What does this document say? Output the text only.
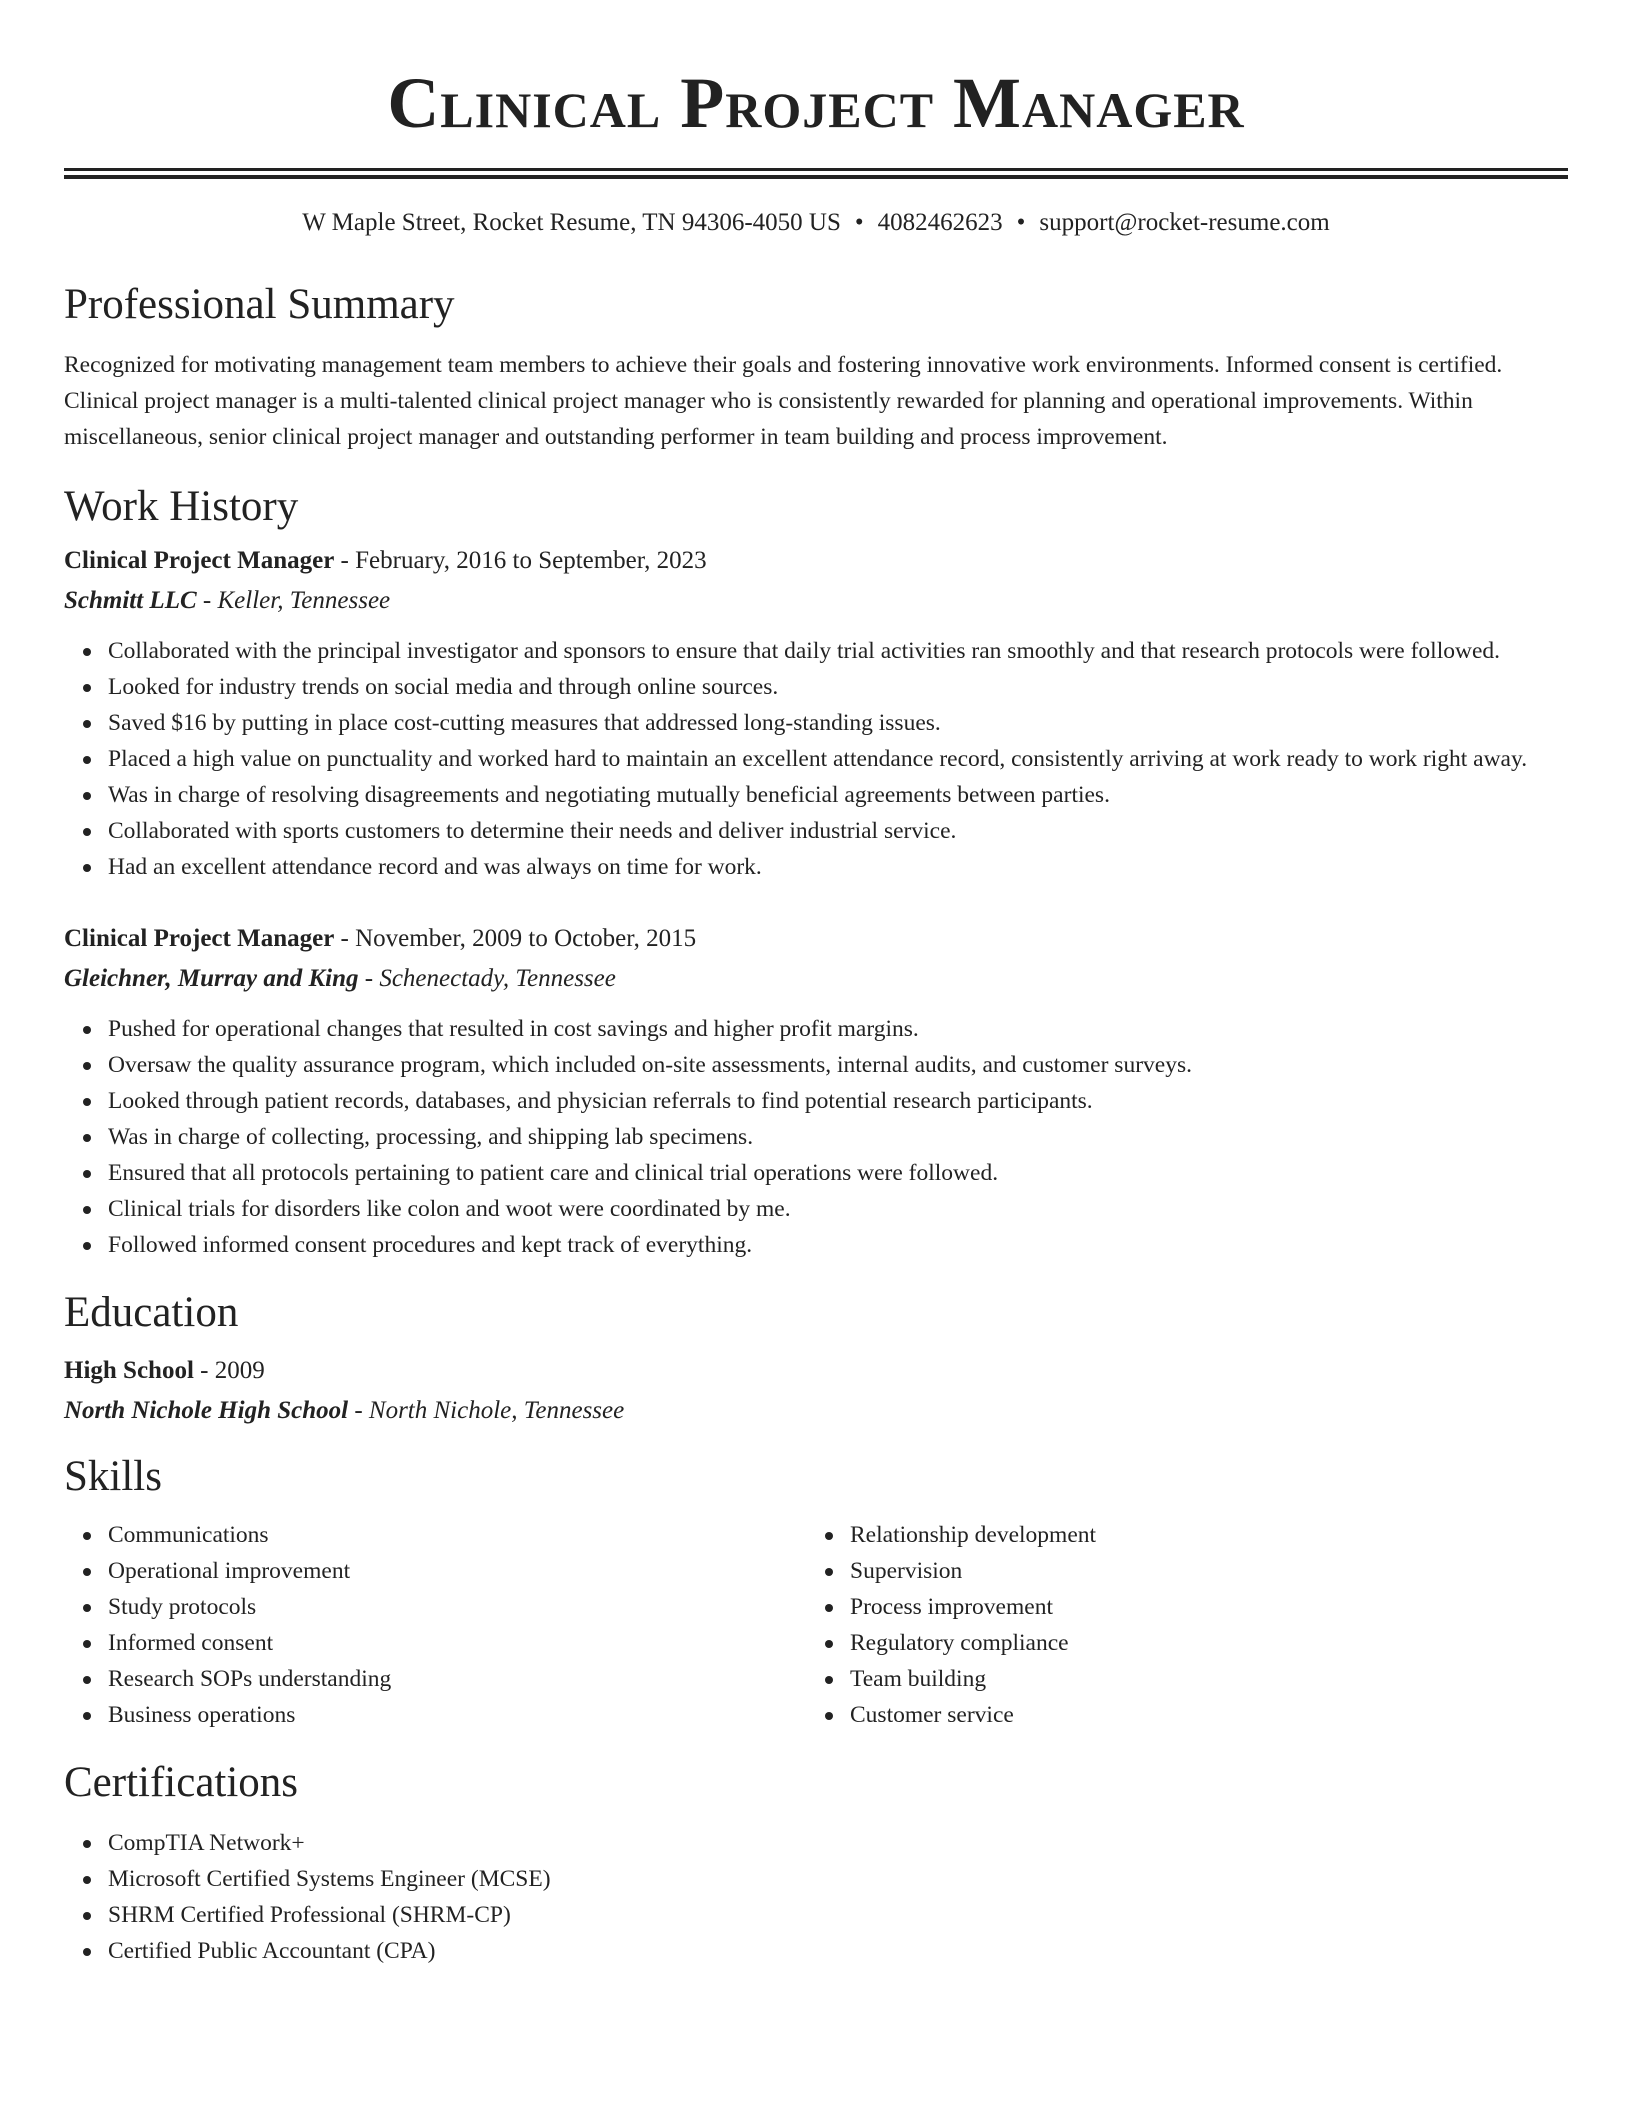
Clinical Project Manager
W Maple Street, Rocket Resume, TN 94306-4050 US • 4082462623 • support@rocket-resume.com
Professional Summary

Recognized for motivating management team members to achieve their goals and fostering innovative work environments. Informed consent is certified. Clinical project manager is a multi-talented clinical project manager who is consistently rewarded for planning and operational improvements. Within miscellaneous, senior clinical project manager and outstanding performer in team building and process improvement.

Work History
Clinical Project Manager - February, 2016 to September, 2023
Schmitt LLC - Keller, Tennessee
Collaborated with the principal investigator and sponsors to ensure that daily trial activities ran smoothly and that research protocols were followed.
Looked for industry trends on social media and through online sources.
Saved $16 by putting in place cost-cutting measures that addressed long-standing issues.
Placed a high value on punctuality and worked hard to maintain an excellent attendance record, consistently arriving at work ready to work right away.
Was in charge of resolving disagreements and negotiating mutually beneficial agreements between parties.
Collaborated with sports customers to determine their needs and deliver industrial service.
Had an excellent attendance record and was always on time for work.
Clinical Project Manager - November, 2009 to October, 2015
Gleichner, Murray and King - Schenectady, Tennessee
Pushed for operational changes that resulted in cost savings and higher profit margins.
Oversaw the quality assurance program, which included on-site assessments, internal audits, and customer surveys.
Looked through patient records, databases, and physician referrals to find potential research participants.
Was in charge of collecting, processing, and shipping lab specimens.
Ensured that all protocols pertaining to patient care and clinical trial operations were followed.
Clinical trials for disorders like colon and woot were coordinated by me.
Followed informed consent procedures and kept track of everything.
Education
High School - 2009
North Nichole High School - North Nichole, Tennessee
Skills
Communications
Operational improvement
Study protocols
Informed consent
Research SOPs understanding
Business operations
Relationship development
Supervision
Process improvement
Regulatory compliance
Team building
Customer service
Certifications
CompTIA Network+
Microsoft Certified Systems Engineer (MCSE)
SHRM Certified Professional (SHRM-CP)
Certified Public Accountant (CPA)
